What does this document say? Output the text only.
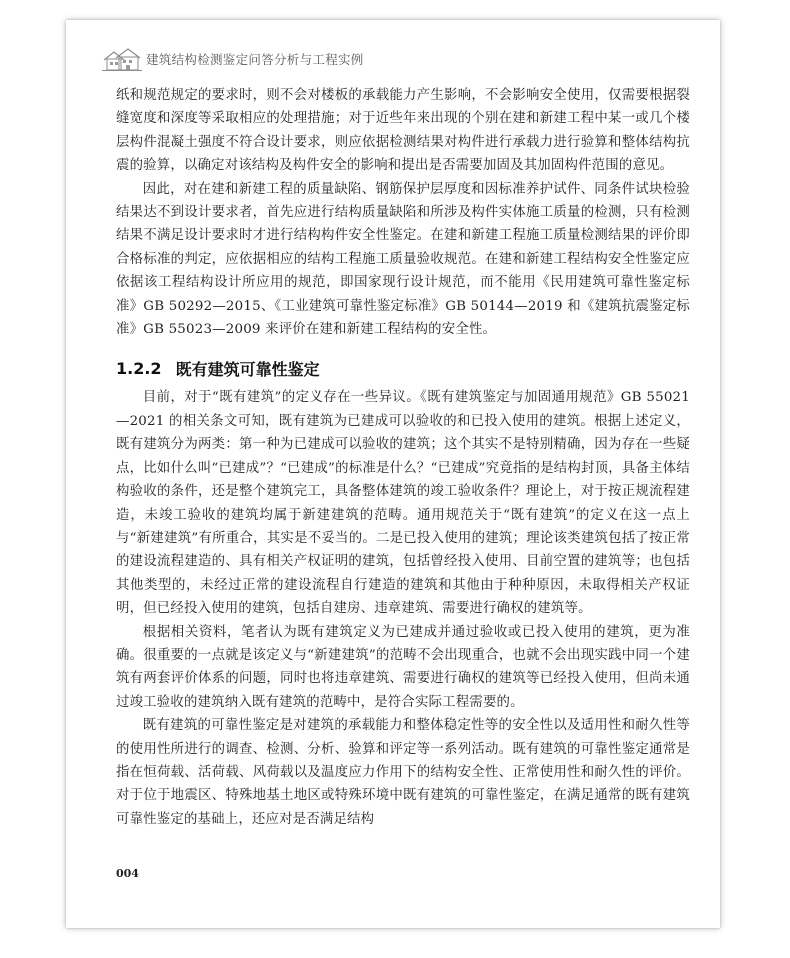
建筑结构检测鉴定问答分析与工程实例

纸和规范规定的要求时，则不会对楼板的承载能力产生影响，不会影响安全使用，仅需要根据裂缝宽度和深度等采取相应的处理措施；对于近些年来出现的个别在建和新建工程中某一或几个楼层构件混凝土强度不符合设计要求，则应依据检测结果对构件进行承载力进行验算和整体结构抗震的验算，以确定对该结构及构件安全的影响和提出是否需要加固及其加固构件范围的意见。

因此，对在建和新建工程的质量缺陷、钢筋保护层厚度和因标准养护试件、同条件试块检验结果达不到设计要求者，首先应进行结构质量缺陷和所涉及构件实体施工质量的检测，只有检测结果不满足设计要求时才进行结构构件安全性鉴定。在建和新建工程施工质量检测结果的评价即合格标准的判定，应依据相应的结构工程施工质量验收规范。在建和新建工程结构安全性鉴定应依据该工程结构设计所应用的规范，即国家现行设计规范，而不能用《民用建筑可靠性鉴定标准》GB 50292—2015、《工业建筑可靠性鉴定标准》GB 50144—2019 和《建筑抗震鉴定标准》GB 55023—2009 来评价在建和新建工程结构的安全性。

1.2.2 既有建筑可靠性鉴定

目前，对于“既有建筑”的定义存在一些异议。《既有建筑鉴定与加固通用规范》GB 55021—2021 的相关条文可知，既有建筑为已建成可以验收的和已投入使用的建筑。根据上述定义，既有建筑分为两类：第一种为已建成可以验收的建筑；这个其实不是特别精确，因为存在一些疑点，比如什么叫“已建成”？“已建成”的标准是什么？“已建成”究竟指的是结构封顶，具备主体结构验收的条件，还是整个建筑完工，具备整体建筑的竣工验收条件？理论上，对于按正规流程建造，未竣工验收的建筑均属于新建建筑的范畴。通用规范关于“既有建筑”的定义在这一点上与“新建建筑”有所重合，其实是不妥当的。二是已投入使用的建筑；理论该类建筑包括了按正常的建设流程建造的、具有相关产权证明的建筑，包括曾经投入使用、目前空置的建筑等；也包括其他类型的，未经过正常的建设流程自行建造的建筑和其他由于种种原因，未取得相关产权证明，但已经投入使用的建筑，包括自建房、违章建筑、需要进行确权的建筑等。

根据相关资料，笔者认为既有建筑定义为已建成并通过验收或已投入使用的建筑，更为准确。很重要的一点就是该定义与“新建建筑”的范畴不会出现重合，也就不会出现实践中同一个建筑有两套评价体系的问题，同时也将违章建筑、需要进行确权的建筑等已经投入使用，但尚未通过竣工验收的建筑纳入既有建筑的范畴中，是符合实际工程需要的。

既有建筑的可靠性鉴定是对建筑的承载能力和整体稳定性等的安全性以及适用性和耐久性等的使用性所进行的调查、检测、分析、验算和评定等一系列活动。既有建筑的可靠性鉴定通常是指在恒荷载、活荷载、风荷载以及温度应力作用下的结构安全性、正常使用性和耐久性的评价。对于位于地震区、特殊地基土地区或特殊环境中既有建筑的可靠性鉴定，在满足通常的既有建筑可靠性鉴定的基础上，还应对是否满足结构

004
